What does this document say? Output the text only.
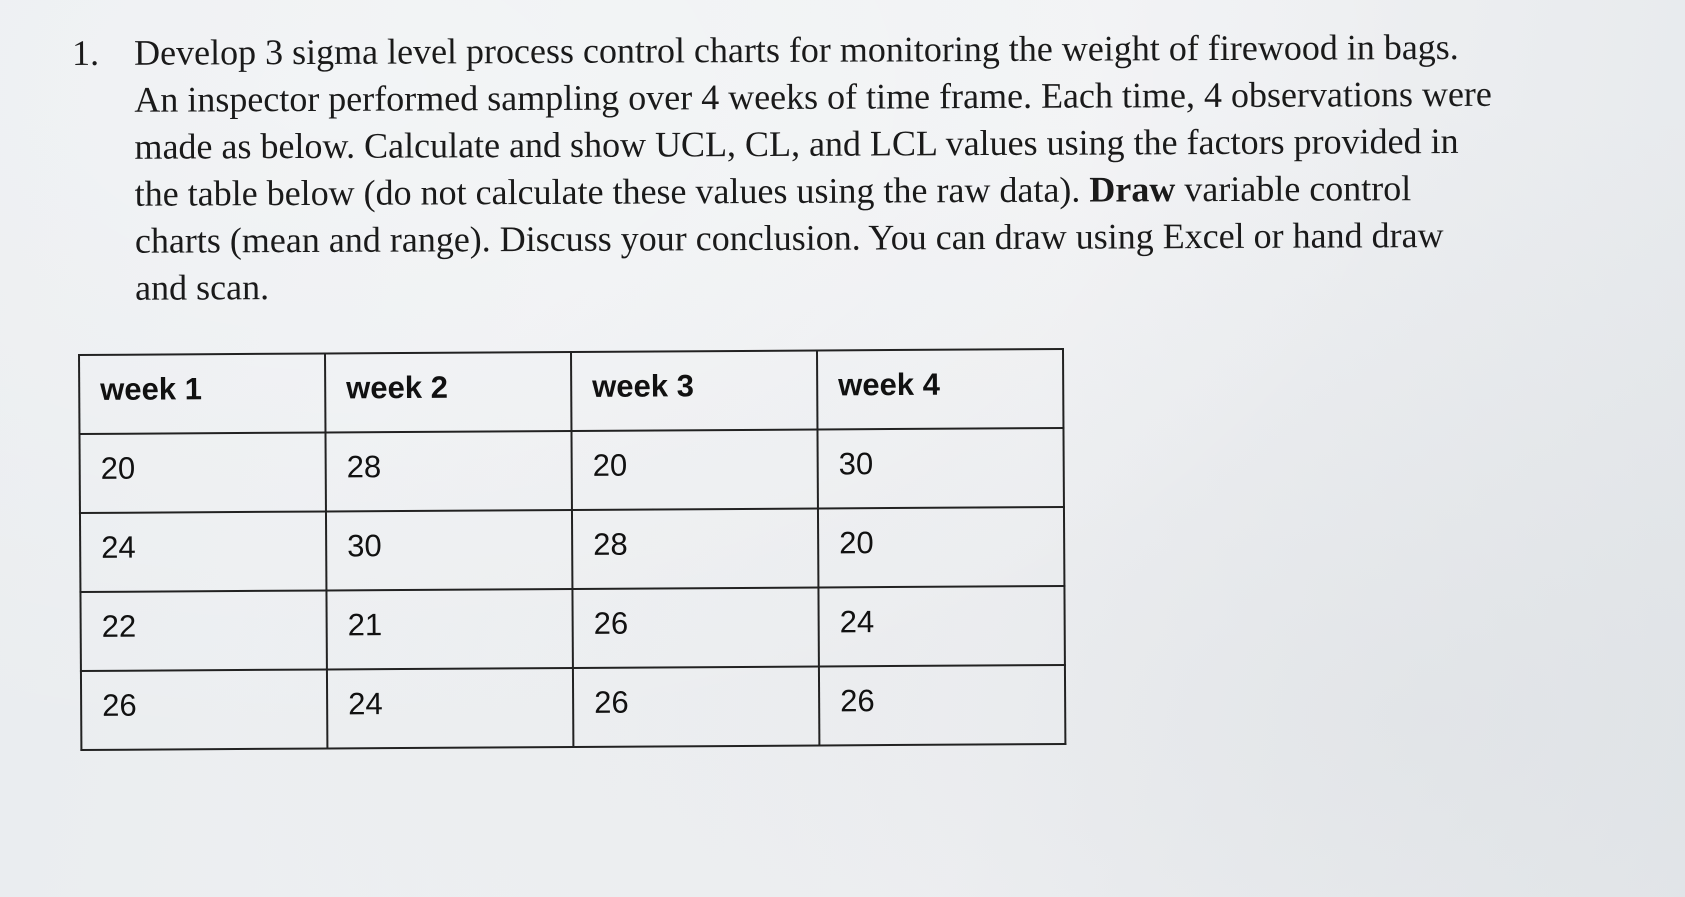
1. Develop 3 sigma level process control charts for monitoring the weight of firewood in bags. An inspector performed sampling over 4 weeks of time frame. Each time, 4 observations were made as below. Calculate and show UCL, CL, and LCL values using the factors provided in the table below (do not calculate these values using the raw data). Draw variable control charts (mean and range). Discuss your conclusion. You can draw using Excel or hand draw and scan.
week 1	week 2	week 3	week 4
20	28	20	30
24	30	28	20
22	21	26	24
26	24	26	26
